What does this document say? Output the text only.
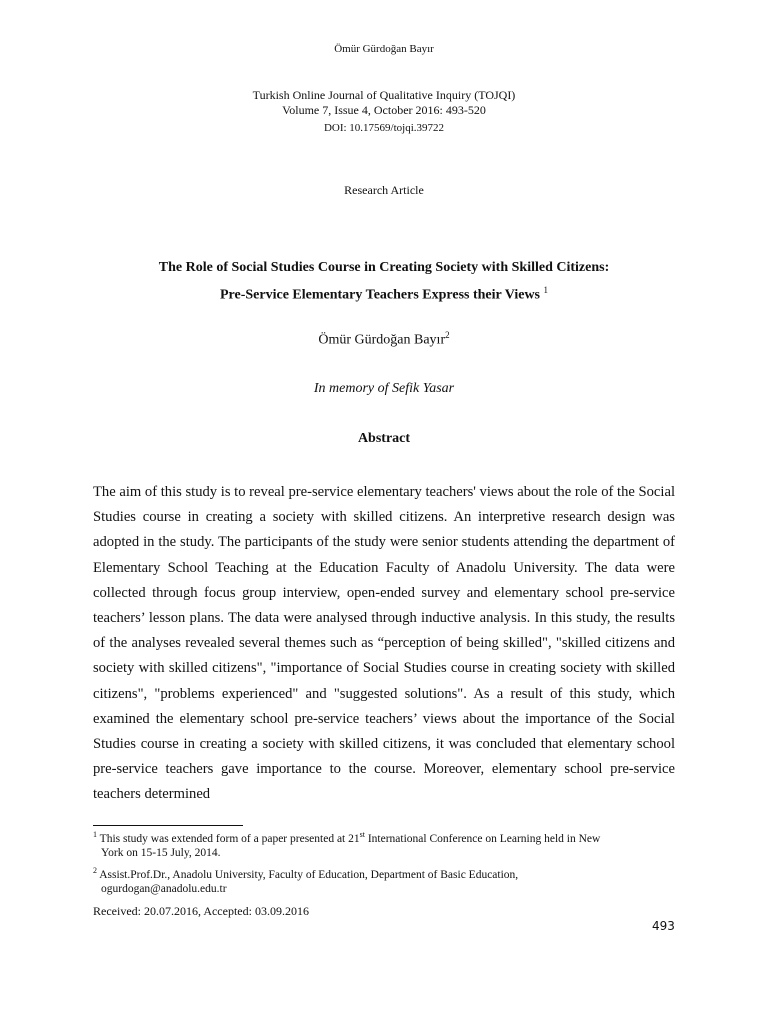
Ömür Gürdoğan Bayır
Turkish Online Journal of Qualitative Inquiry (TOJQI)
Volume 7, Issue 4, October 2016: 493-520
DOI: 10.17569/tojqi.39722
Research Article
The Role of Social Studies Course in Creating Society with Skilled Citizens:
Pre-Service Elementary Teachers Express their Views $^1$
Ömür Gürdoğan Bayır$^2$
In memory of Sefik Yasar
Abstract

The aim of this study is to reveal pre-service elementary teachers' views about the role of the Social Studies course in creating a society with skilled citizens. An interpretive research design was adopted in the study. The participants of the study were senior students attending the department of Elementary School Teaching at the Education Faculty of Anadolu University. The data were collected through focus group interview, open-ended survey and elementary school pre-service teachers’ lesson plans. The data were analysed through inductive analysis. In this study, the results of the analyses revealed several themes such as “perception of being skilled", "skilled citizens and society with skilled citizens", "importance of Social Studies course in creating society with skilled citizens", "problems experienced" and "suggested solutions". As a result of this study, which examined the elementary school pre-service teachers’ views about the importance of the Social Studies course in creating a society with skilled citizens, it was concluded that elementary school pre-service teachers gave importance to the course. Moreover, elementary school pre-service teachers determined

$^1$ This study was extended form of a paper presented at 21st International Conference on Learning held in New
York on 15-15 July, 2014.
$^2$ Assist.Prof.Dr., Anadolu University, Faculty of Education, Department of Basic Education,
ogurdogan@anadolu.edu.tr
Received: 20.07.2016, Accepted: 03.09.2016
493
